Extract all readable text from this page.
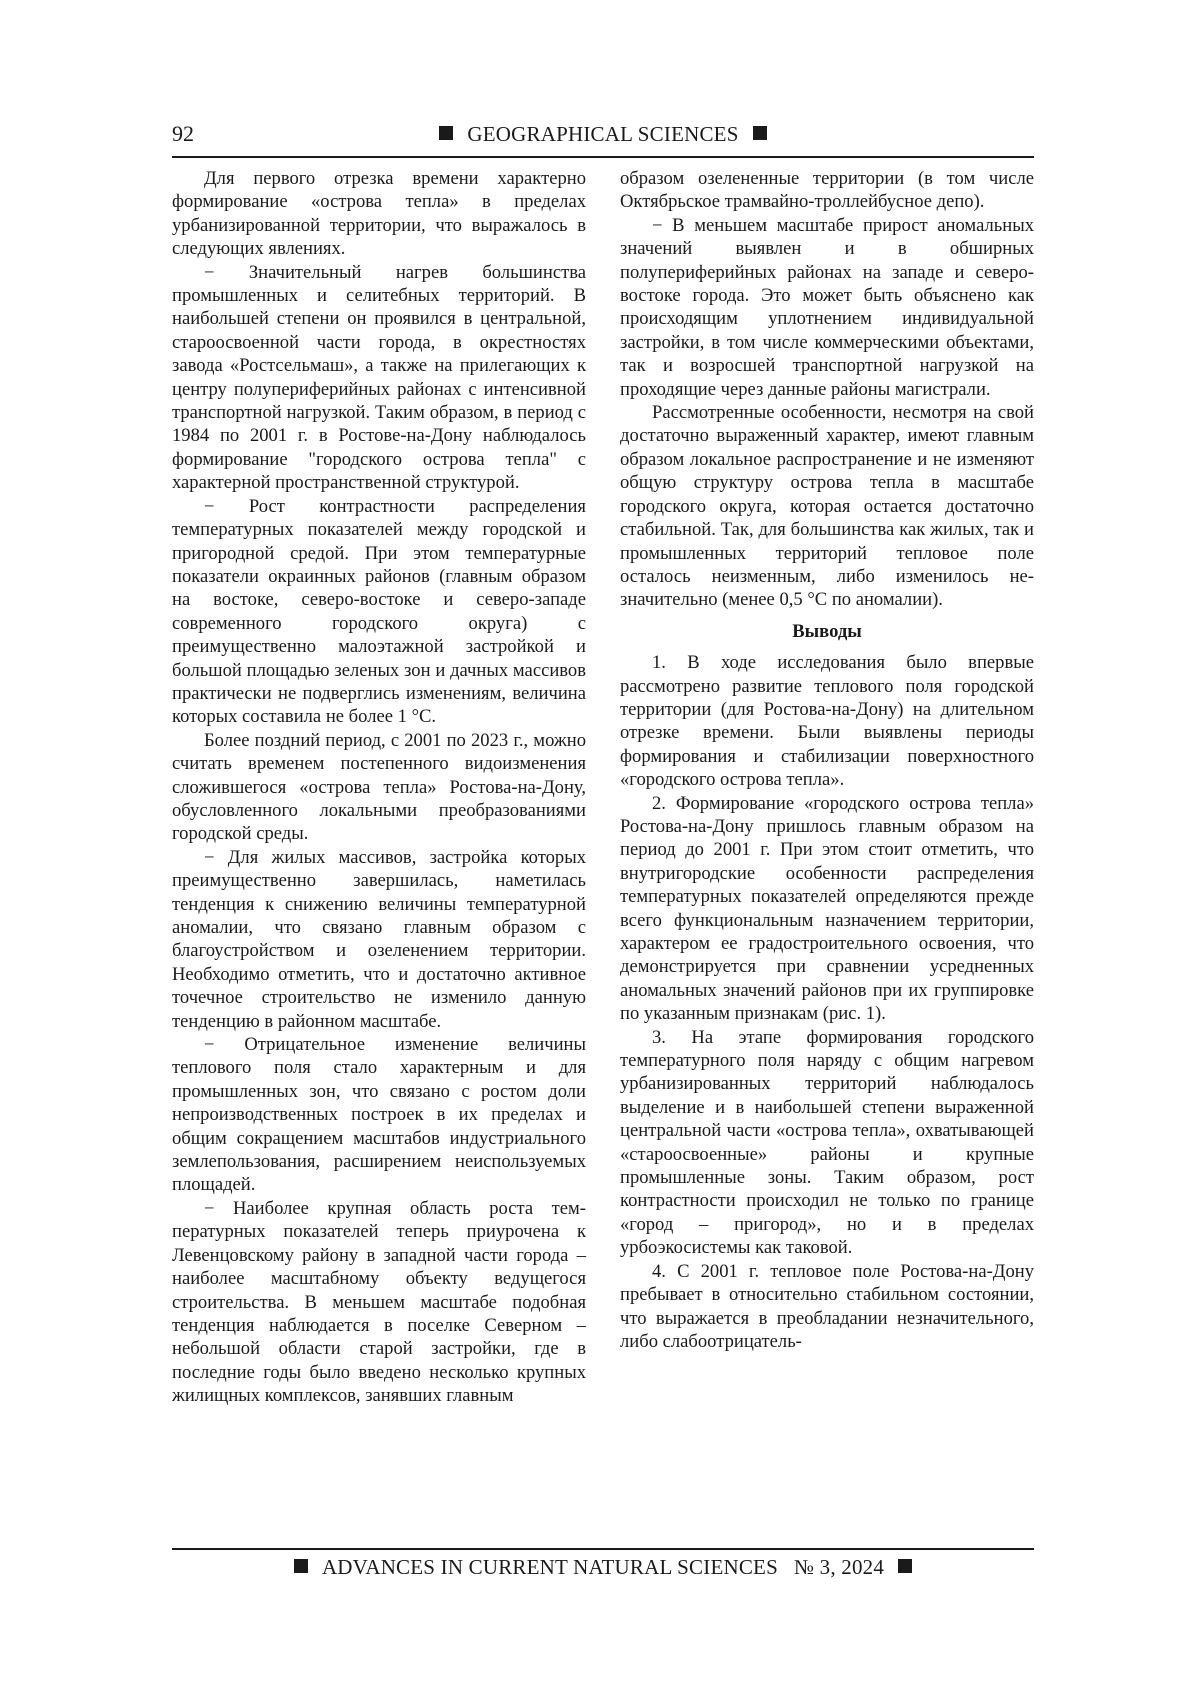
92	GEOGRAPHICAL SCIENCES

Для первого отрезка времени характерно формирование «острова тепла» в пределах урбанизированной территории, что выражалось в следующих явлениях.

− Значительный нагрев большинства промышленных и селитебных территорий. В наибольшей степени он проявился в центральной, староосвоенной части города, в окрестностях завода «Ростсельмаш», а также на прилегающих к центру полупериферийных районах с интенсивной транспортной нагрузкой. Таким образом, в период с 1984 по 2001 г. в Ростове-на-Дону наблюдалось формирование "городского острова тепла" с характерной пространственной структурой.

− Рост контрастности распределения температурных показателей между городской и пригородной средой. При этом температурные показатели окраинных районов (главным образом на востоке, северо-востоке и северо-западе современного городского округа) с преимущественно малоэтажной застройкой и большой площадью зеленых зон и дачных массивов практически не подверглись изменениям, величина которых составила не более 1 °С.

Более поздний период, с 2001 по 2023 г., можно считать временем постепенного видоизменения сложившегося «острова тепла» Ростова-на-Дону, обусловленного локальными преобразованиями городской среды.

− Для жилых массивов, застройка которых преимущественно завершилась, наметилась тенденция к снижению величины температурной аномалии, что связано главным образом с благоустройством и озеленением территории. Необходимо отметить, что и достаточно активное точечное строительство не изменило данную тенденцию в районном масштабе.

− Отрицательное изменение величины теплового поля стало характерным и для промышленных зон, что связано с ростом доли непроизводственных построек в их пределах и общим сокращением масштабов индустриального землепользования, расширением неиспользуемых площадей.

− Наиболее крупная область роста температурных показателей теперь приурочена к Левенцовскому району в западной части города – наиболее масштабному объекту ведущегося строительства. В меньшем масштабе подобная тенденция наблюдается в поселке Северном – небольшой области старой застройки, где в последние годы было введено несколько крупных жилищных комплексов, занявших главным

образом озелененные территории (в том числе Октябрьское трамвайно-троллейбусное депо).

− В меньшем масштабе прирост аномальных значений выявлен и в обширных полупериферийных районах на западе и северо-востоке города. Это может быть объяснено как происходящим уплотнением индивидуальной застройки, в том числе коммерческими объектами, так и возросшей транспортной нагрузкой на проходящие через данные районы магистрали.

Рассмотренные особенности, несмотря на свой достаточно выраженный характер, имеют главным образом локальное распространение и не изменяют общую структуру острова тепла в масштабе городского округа, которая остается достаточно стабильной. Так, для большинства как жилых, так и промышленных территорий тепловое поле осталось неизменным, либо изменилось незначительно (менее 0,5 °С по аномалии).

Выводы

1. В ходе исследования было впервые рассмотрено развитие теплового поля городской территории (для Ростова-на-Дону) на длительном отрезке времени. Были выявлены периоды формирования и стабилизации поверхностного «городского острова тепла».

2. Формирование «городского острова тепла» Ростова-на-Дону пришлось главным образом на период до 2001 г. При этом стоит отметить, что внутригородские особенности распределения температурных показателей определяются прежде всего функциональным назначением территории, характером ее градостроительного освоения, что демонстрируется при сравнении усредненных аномальных значений районов при их группировке по указанным признакам (рис. 1).

3. На этапе формирования городского температурного поля наряду с общим нагревом урбанизированных территорий наблюдалось выделение и в наибольшей степени выраженной центральной части «острова тепла», охватывающей «староосвоенные» районы и крупные промышленные зоны. Таким образом, рост контрастности происходил не только по границе «город – пригород», но и в пределах урбоэкосистемы как таковой.

4. С 2001 г. тепловое поле Ростова-на-Дону пребывает в относительно стабильном состоянии, что выражается в преобладании незначительного, либо слабоотрицатель-

ADVANCES IN CURRENT NATURAL SCIENCES № 3, 2024
